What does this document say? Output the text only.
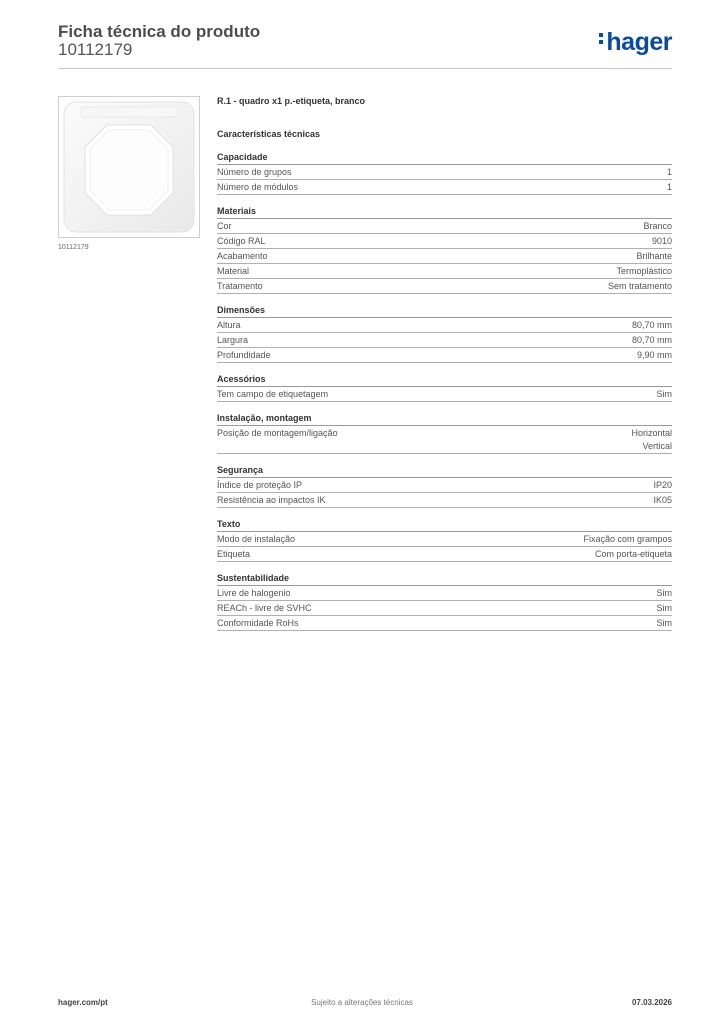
Ficha técnica do produto
10112179	hager
10112179
R.1 - quadro x1 p.-etiqueta, branco
Características técnicas
Capacidade
Número de grupos	1
Número de módulos	1
Materiais
Cor	Branco
Código RAL	9010
Acabamento	Brilhante
Material	Termoplástico
Tratamento	Sem tratamento
Dimensões
Altura	80,70 mm
Largura	80,70 mm
Profundidade	9,90 mm
Acessórios
Tem campo de etiquetagem	Sim
Instalação, montagem
Posição de montagem/ligação	Horizontal
Vertical
Segurança
Índice de proteção IP	IP20
Resistência ao impactos IK	IK05
Texto
Modo de instalação	Fixação com grampos
Etiqueta	Com porta-etiqueta
Sustentabilidade
Livre de halogenio	Sim
REACh - livre de SVHC	Sim
Conformidade RoHs	Sim
hager.com/pt	Sujeito a alterações técnicas	07.03.2026
